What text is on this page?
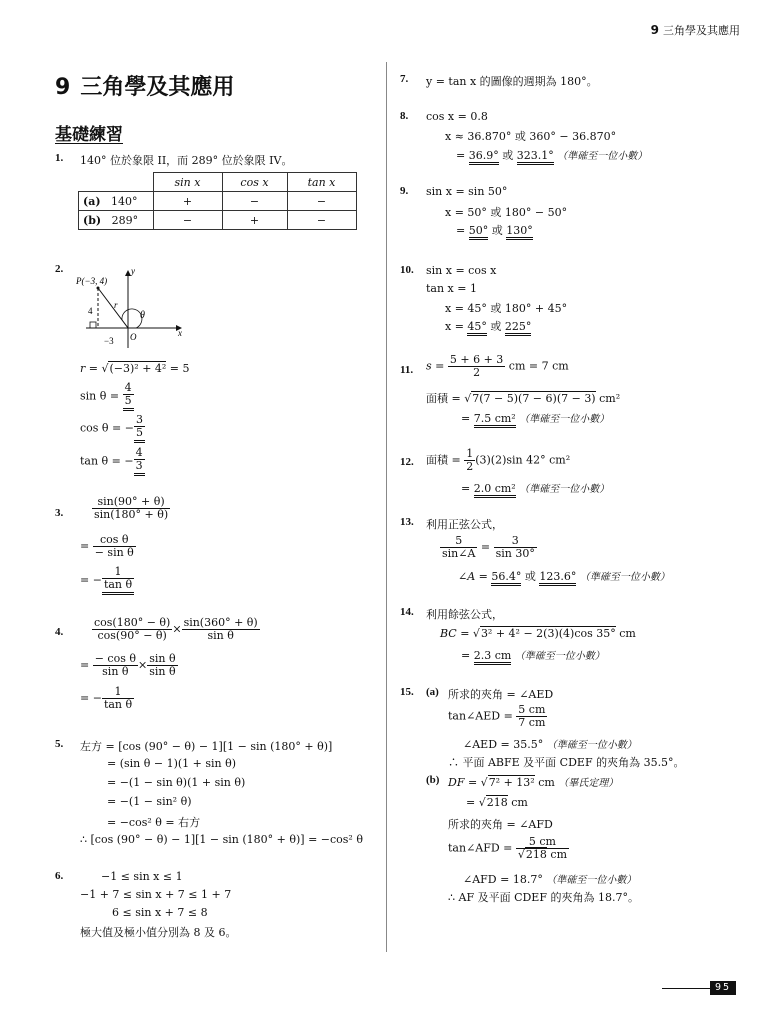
9 三角學及其應用
9 三角學及其應用
基礎練習
1. 140° 位於象限 II，而 289° 位於象限 IV。
	sin x	cos x	tan x
(a) 140°	+	−	−
(b) 289°	−	+	−
2.
P(−3, 4)
y
x
r
θ
O
4
−3
r = √(−3)² + 4² = 5
$\sin \theta = \frac{4}{5}$
cos θ = − $\frac{3}{5}$
tan θ = − $\frac{4}{3}$
3.	$\frac{\sin(90^\circ + \theta)}{\sin(180^\circ + \theta)}$
= $\frac{\text{cos θ}}{\text{− sin θ}}$
= − $\frac{1}{\text{tan θ}}$
4.	$\frac{\cos(180^\circ - \theta)}{\cos(90^\circ - \theta)} \times \frac{\sin(360^\circ + \theta)}{\text{sin θ}}$
= $\frac{\text{− cos θ}}{\text{sin θ}} \times \frac{\text{sin θ}}{\text{sin θ}}$
= − $\frac{1}{\text{tan θ}}$
5. 左方 = [cos (90° − θ) − 1][1 − sin (180° + θ)]
= (sin θ − 1)(1 + sin θ)
= −(1 − sin θ)(1 + sin θ)
= −(1 − sin² θ)
= −cos² θ = 右方
∴ [cos (90° − θ) − 1][1 − sin (180° + θ)] = −cos² θ
6.	−1 ≤ sin x ≤ 1
−1 + 7 ≤ sin x + 7 ≤ 1 + 7
6 ≤ sin x + 7 ≤ 8
極大值及極小值分別為 8 及 6。
7. y = tan x 的圖像的週期為 180°。
8. cos x = 0.8
x ≈ 36.870° 或 360° − 36.870°
= 36.9° 或 323.1° （準確至一位小數）
9. sin x = sin 50°
x = 50° 或 180° − 50°
= 50° 或 130°
10. sin x = cos x
tan x = 1
x = 45° 或 180° + 45°
x = 45° 或 225°
11. $s = \frac{5 + 6 + 3}{2}$ cm = 7 cm
面積 = √7(7 − 5)(7 − 6)(7 − 3) cm²
= 7.5 cm² （準確至一位小數）
12. 面積 = $\frac{1}{2} (3)(2)\sin$ 42° cm²
= 2.0 cm² （準確至一位小數）
13. 利用正弦公式，
$\frac{5}{\sin\angle A} = \frac{3}{\sin 30^\circ}$
∠A = 56.4° 或 123.6° （準確至一位小數）
14. 利用餘弦公式，
BC = √3² + 4² − 2(3)(4)cos 35° cm
= 2.3 cm （準確至一位小數）
15. (a) 所求的夾角 = ∠AED
tan∠AED = $\frac{5 cm}{7 cm}$
∠AED = 35.5° （準確至一位小數）
∴ 平面 ABFE 及平面 CDEF 的夾角為 35.5°。
(b) DF = √7² + 13² cm （畢氏定理）
= √218 cm
所求的夾角 = ∠AFD
tan∠AFD = $\frac{5 cm}{√218 cm}$
∠AFD = 18.7° （準確至一位小數）
∴ AF 及平面 CDEF 的夾角為 18.7°。
95
